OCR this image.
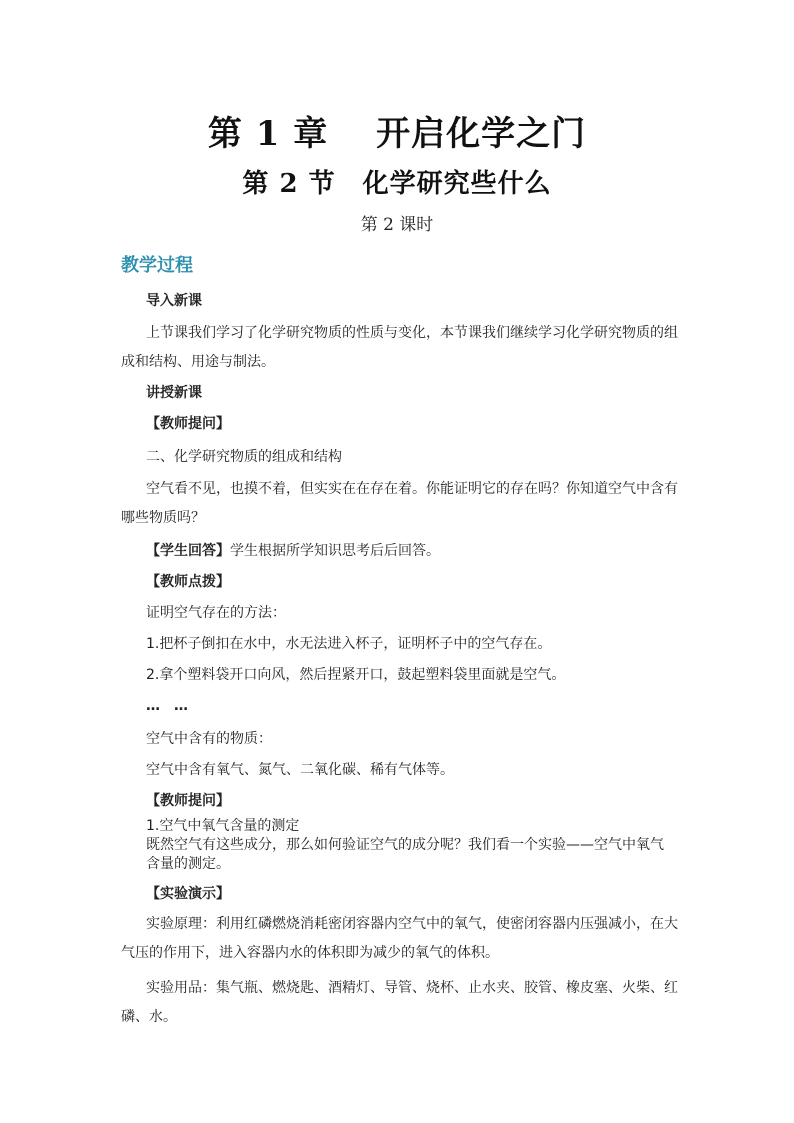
第 1 章　 开启化学之门
第 2 节　化学研究些什么
第 2 课时
教学过程
导入新课
上节课我们学习了化学研究物质的性质与变化，本节课我们继续学习化学研究物质的组
成和结构、用途与制法。
讲授新课
【教师提问】
二、化学研究物质的组成和结构
空气看不见，也摸不着，但实实在在存在着。你能证明它的存在吗？你知道空气中含有
哪些物质吗？
【学生回答】学生根据所学知识思考后后回答。
【教师点拨】
证明空气存在的方法：
1.把杯子倒扣在水中，水无法进入杯子，证明杯子中的空气存在。
2.拿个塑料袋开口向风，然后捏紧开口，鼓起塑料袋里面就是空气。
…　…
空气中含有的物质：
空气中含有氧气、氮气、二氧化碳、稀有气体等。
【教师提问】
1.空气中氧气含量的测定
既然空气有这些成分，那么如何验证空气的成分呢？我们看一个实验——空气中氧气
含量的测定。
【实验演示】
实验原理：利用红磷燃烧消耗密闭容器内空气中的氧气，使密闭容器内压强减小，在大
气压的作用下，进入容器内水的体积即为减少的氧气的体积。
实验用品：集气瓶、燃烧匙、酒精灯、导管、烧杯、止水夹、胶管、橡皮塞、火柴、红
磷、水。
